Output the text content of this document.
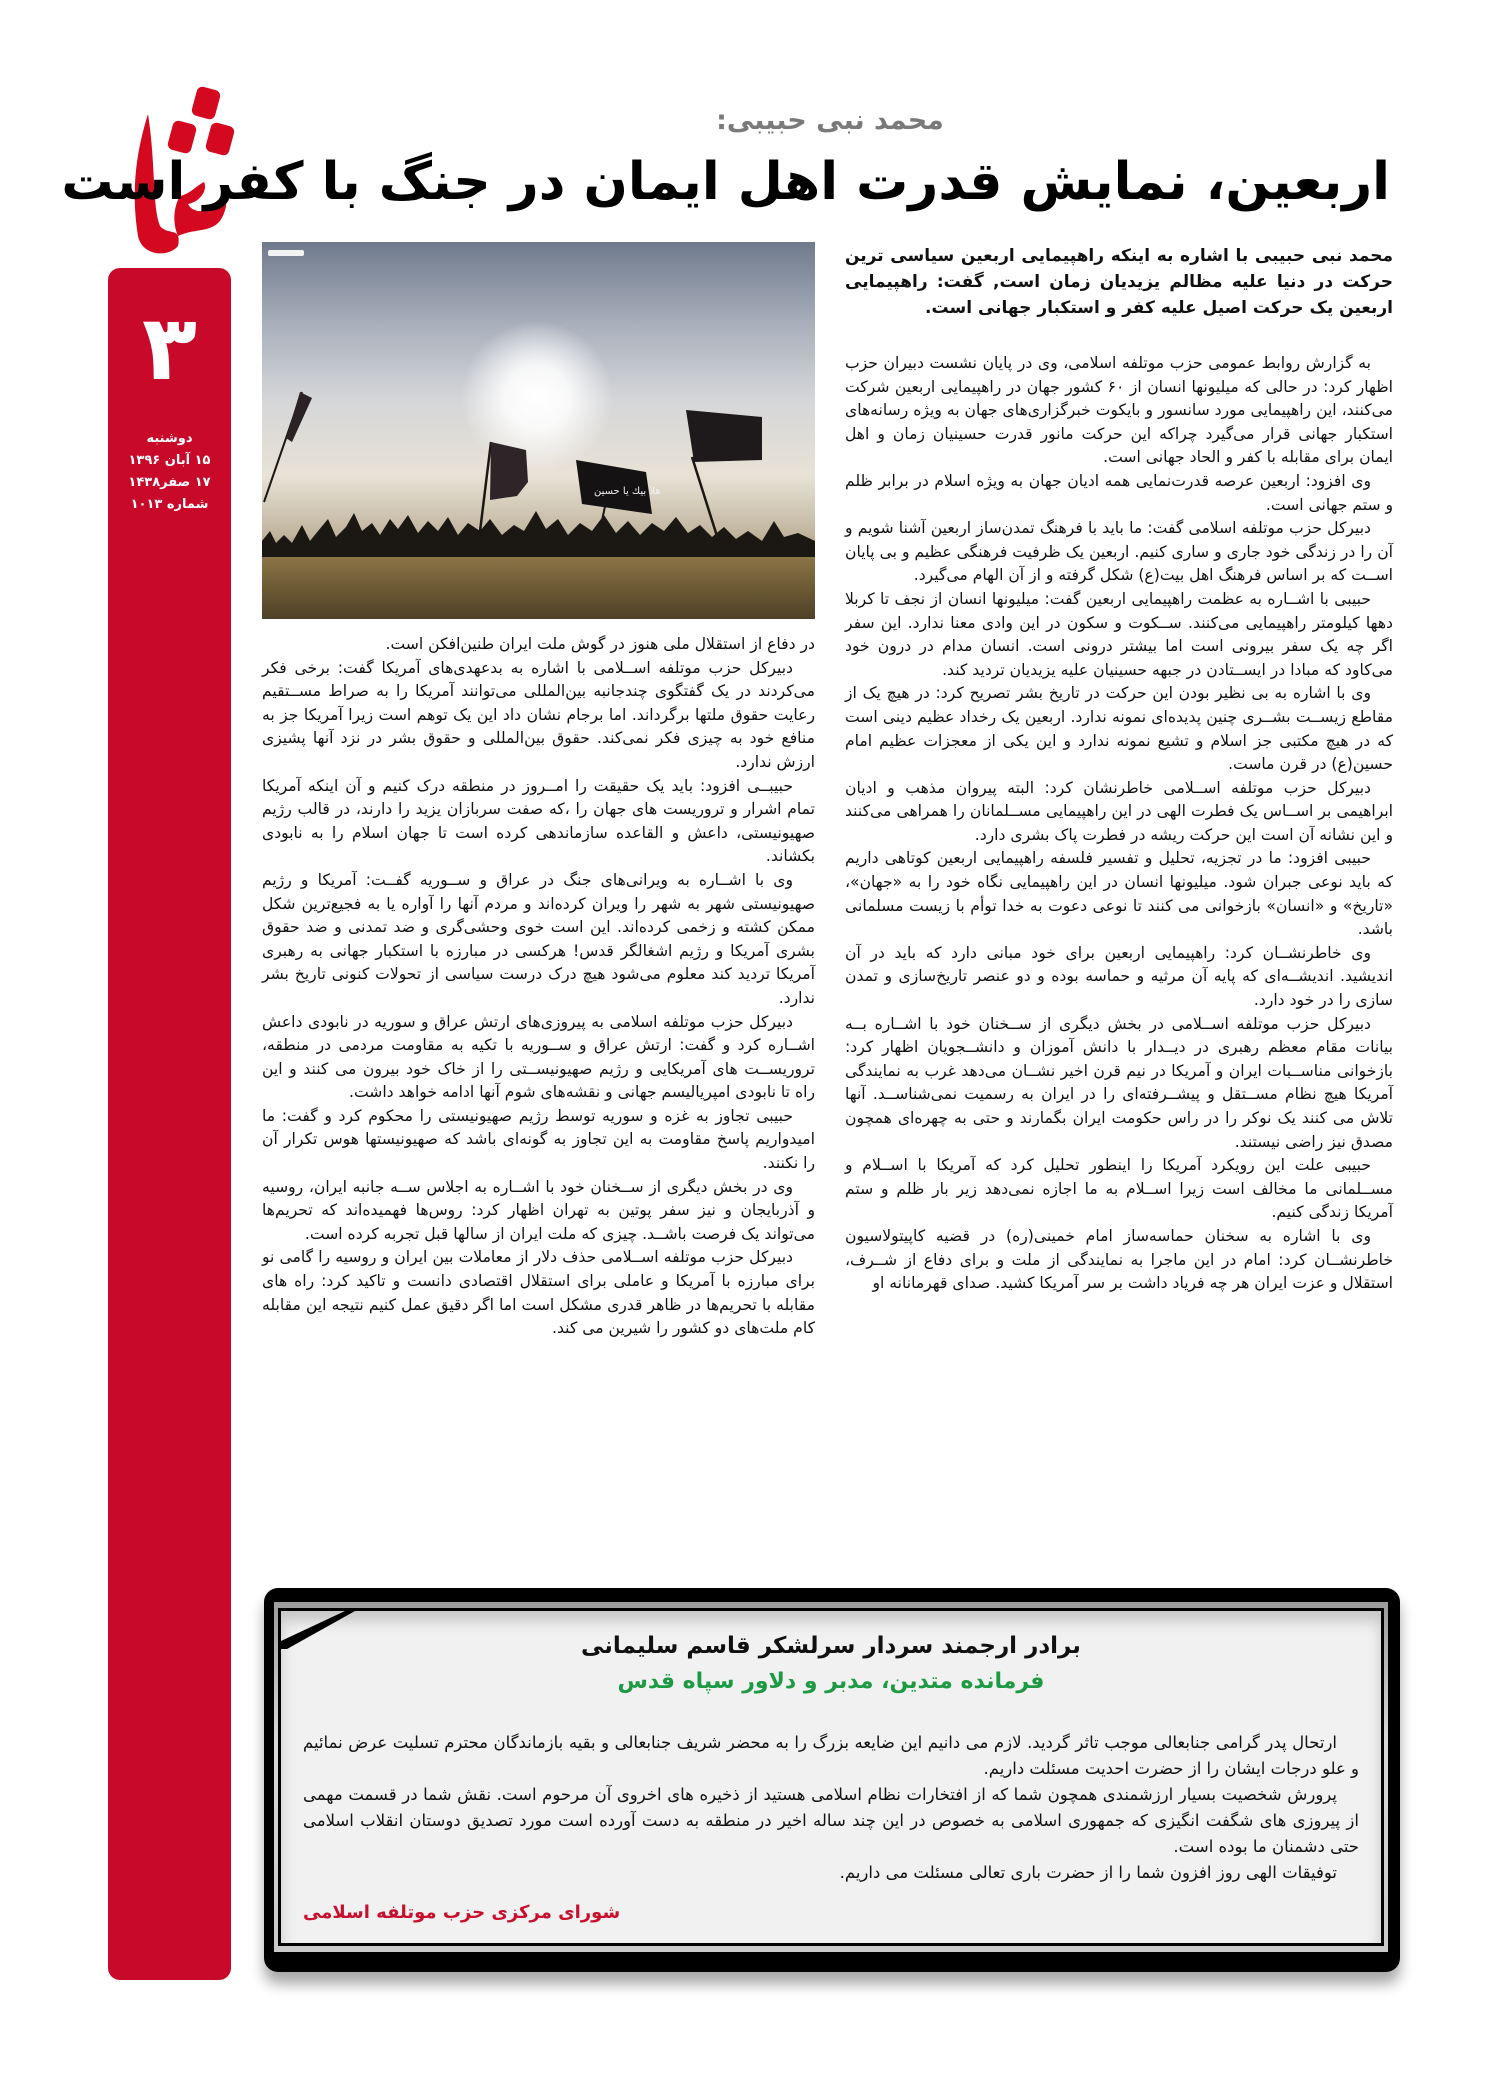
۳
دوشنبه
۱۵ آبان ۱۳۹۶
۱۷ صفر۱۴۳۸
شماره ۱۰۱۳
محمد نبی حبیبی:
اربعین، نمایش قدرت اهل ایمان در جنگ با کفر است
هلا بيك يا حسين

محمد نبی حبیبی با اشاره به اینکه راهپیمایی اربعین سیاسی ترین حرکت در دنیا علیه مظالم یزیدیان زمان است, گفت: راهپیمایی اربعین یک حرکت اصیل علیه کفر و استکبار جهانی است.

به گزارش روابط عمومی حزب موتلفه اسلامی، وی در پایان نشست دبیران حزب اظهار کرد: در حالی که میلیونها انسان از ۶۰ کشور جهان در راهپیمایی اربعین شرکت می‌کنند، این راهپیمایی مورد سانسور و بایکوت خبرگزاری‌های جهان به ویژه رسانه‌های استکبار جهانی قرار می‌گیرد چراکه این حرکت مانور قدرت حسینیان زمان و اهل ایمان برای مقابله با کفر و الحاد جهانی است.

وی افزود: اربعین عرصه قدرت‌نمایی همه ادیان جهان به ویژه اسلام در برابر ظلم و ستم جهانی است.

دبیرکل حزب موتلفه اسلامی گفت: ما باید با فرهنگ تمدن‌ساز اربعین آشنا شویم و آن را در زندگی خود جاری و ساری کنیم. اربعین یک ظرفیت فرهنگی عظیم و بی پایان اســت که بر اساس فرهنگ اهل بیت(ع) شکل گرفته و از آن الهام می‌گیرد.

حبیبی با اشــاره به عظمت راهپیمایی اربعین گفت: میلیونها انسان از نجف تا کربلا دهها کیلومتر راهپیمایی می‌کنند. ســکوت و سکون در این وادی معنا ندارد. این سفر اگر چه یک سفر بیرونی است اما بیشتر درونی است. انسان مدام در درون خود می‌کاود که مبادا در ایســتادن در جبهه حسینیان علیه یزیدیان تردید کند.

وی با اشاره به بی نظیر بودن این حرکت در تاریخ بشر تصریح کرد: در هیچ یک از مقاطع زیســت بشــری چنین پدیده‌ای نمونه ندارد. اربعین یک رخداد عظیم دینی است که در هیچ مکتبی جز اسلام و تشیع نمونه ندارد و این یکی از معجزات عظیم امام حسین(ع) در قرن ماست.

دبیرکل حزب موتلفه اســلامی خاطرنشان کرد: البته پیروان مذهب و ادیان ابراهیمی بر اســاس یک فطرت الهی در این راهپیمایی مســلمانان را همراهی می‌کنند و این نشانه آن است این حرکت ریشه در فطرت پاک بشری دارد.

حبیبی افزود: ما در تجزیه، تحلیل و تفسیر فلسفه راهپیمایی اربعین کوتاهی داریم که باید نوعی جبران شود. میلیونها انسان در این راهپیمایی نگاه خود را به «جهان»، «تاریخ» و «انسان» بازخوانی می کنند تا نوعی دعوت به خدا توأم با زیست مسلمانی باشد.

وی خاطرنشــان کرد: راهپیمایی اربعین برای خود مبانی دارد که باید در آن اندیشید. اندیشــه‌ای که پایه آن مرثیه و حماسه بوده و دو عنصر تاریخ‌سازی و تمدن سازی را در خود دارد.

دبیرکل حزب موتلفه اســلامی در بخش دیگری از ســخنان خود با اشــاره بــه بیانات مقام معظم رهبری در دیــدار با دانش آموزان و دانشــجویان اظهار کرد: بازخوانی مناســبات ایران و آمریکا در نیم قرن اخیر نشــان می‌دهد غرب به نمایندگی آمریکا هیچ نظام مســتقل و پیشــرفته‌ای را در ایران به رسمیت نمی‌شناســد. آنها تلاش می کنند یک نوکر را در راس حکومت ایران بگمارند و حتی به چهره‌ای همچون مصدق نیز راضی نیستند.

حبیبی علت این رویکرد آمریکا را اینطور تحلیل کرد که آمریکا با اســلام و مســلمانی ما مخالف است زیرا اســلام به ما اجازه نمی‌دهد زیر بار ظلم و ستم آمریکا زندگی کنیم.

وی با اشاره به سخنان حماسه‌ساز امام خمینی(ره) در قضیه کاپیتولاسیون خاطرنشــان کرد: امام در این ماجرا به نمایندگی از ملت و برای دفاع از شــرف، استقلال و عزت ایران هر چه فریاد داشت بر سر آمریکا کشید. صدای قهرمانانه او

در دفاع از استقلال ملی هنوز در گوش ملت ایران طنین‌افکن است.

دبیرکل حزب موتلفه اســلامی با اشاره به بدعهدی‌های آمریکا گفت: برخی فکر می‌کردند در یک گفتگوی چندجانبه بین‌المللی می‌توانند آمریکا را به صراط مســتقیم رعایت حقوق ملتها برگرداند. اما برجام نشان داد این یک توهم است زیرا آمریکا جز به منافع خود به چیزی فکر نمی‌کند. حقوق بین‌المللی و حقوق بشر در نزد آنها پشیزی ارزش ندارد.

حبیبــی افزود: باید یک حقیقت را امــروز در منطقه درک کنیم و آن اینکه آمریکا تمام اشرار و تروریست های جهان را ،که صفت سربازان یزید را دارند، در قالب رژیم صهیونیستی، داعش و القاعده سازماندهی کرده است تا جهان اسلام را به نابودی بکشاند.

وی با اشــاره به ویرانی‌های جنگ در عراق و ســوریه گفــت: آمریکا و رژیم صهیونیستی شهر به شهر را ویران کرده‌اند و مردم آنها را آواره یا به فجیع‌ترین شکل ممکن کشته و زخمی کرده‌اند. این است خوی وحشی‌گری و ضد تمدنی و ضد حقوق بشری آمریکا و رژیم اشغالگر قدس! هرکسی در مبارزه با استکبار جهانی به رهبری آمریکا تردید کند معلوم می‌شود هیچ درک درست سیاسی از تحولات کنونی تاریخ بشر ندارد.

دبیرکل حزب موتلفه اسلامی به پیروزی‌های ارتش عراق و سوریه در نابودی داعش اشــاره کرد و گفت: ارتش عراق و ســوریه با تکیه به مقاومت مردمی در منطقه، تروریســت های آمریکایی و رژیم صهیونیســتی را از خاک خود بیرون می کنند و این راه تا نابودی امپریالیسم جهانی و نقشه‌های شوم آنها ادامه خواهد داشت.

حبیبی تجاوز به غزه و سوریه توسط رژیم صهیونیستی را محکوم کرد و گفت: ما امیدواریم پاسخ مقاومت به این تجاوز به گونه‌ای باشد که صهیونیستها هوس تکرار آن را نکنند.

وی در بخش دیگری از ســخنان خود با اشــاره به اجلاس ســه جانبه ایران، روسیه و آذربایجان و نیز سفر پوتین به تهران اظهار کرد: روس‌ها فهمیده‌اند که تحریم‌ها می‌تواند یک فرصت باشــد. چیزی که ملت ایران از سالها قبل تجربه کرده است.

دبیرکل حزب موتلفه اســلامی حذف دلار از معاملات بین ایران و روسیه را گامی نو برای مبارزه با آمریکا و عاملی برای استقلال اقتصادی دانست و تاکید کرد: راه های مقابله با تحریم‌ها در ظاهر قدری مشکل است اما اگر دقیق عمل کنیم نتیجه این مقابله کام ملت‌های دو کشور را شیرین می کند.

برادر ارجمند سردار سرلشکر قاسم سلیمانی
فرمانده متدین، مدبر و دلاور سپاه قدس

ارتحال پدر گرامی جنابعالی موجب تاثر گردید. لازم می دانیم این ضایعه بزرگ را به محضر شریف جنابعالی و بقیه بازماندگان محترم تسلیت عرض نمائیم و علو درجات ایشان را از حضرت احدیت مسئلت داریم.

پرورش شخصیت بسیار ارزشمندی همچون شما که از افتخارات نظام اسلامی هستید از ذخیره های اخروی آن مرحوم است. نقش شما در قسمت مهمی از پیروزی های شگفت انگیزی که جمهوری اسلامی به خصوص در این چند ساله اخیر در منطقه به دست آورده است مورد تصدیق دوستان انقلاب اسلامی حتی دشمنان ما بوده است.

توفیقات الهی روز افزون شما را از حضرت باری تعالی مسئلت می داریم.

شورای مرکزی حزب موتلفه اسلامی
